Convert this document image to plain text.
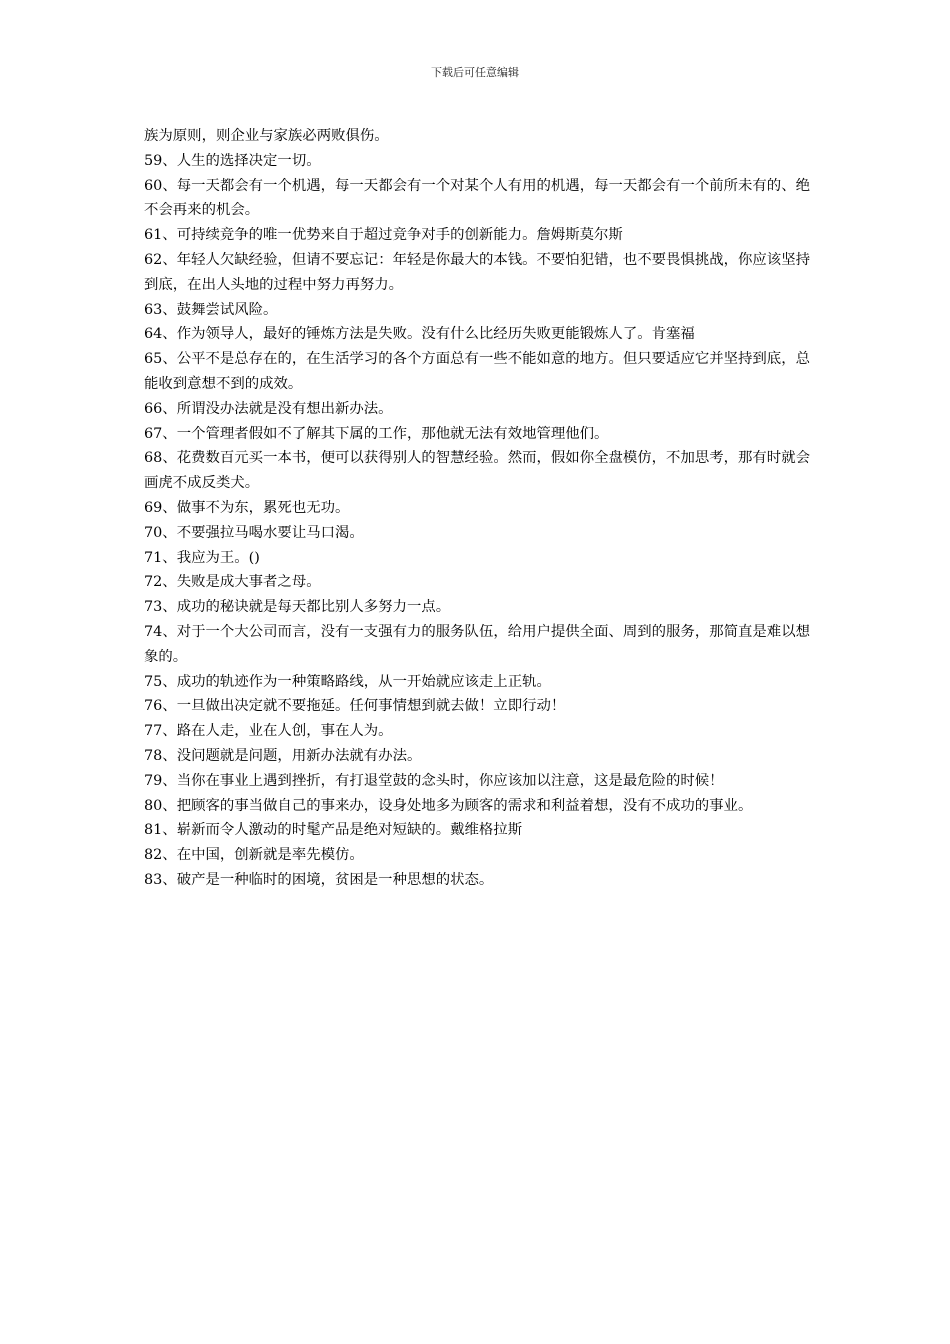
下载后可任意编辑

族为原则，则企业与家族必两败俱伤。

59、人生的选择决定一切。

60、每一天都会有一个机遇，每一天都会有一个对某个人有用的机遇，每一天都会有一个前所未有的、绝不会再来的机会。

61、可持续竞争的唯一优势来自于超过竞争对手的创新能力。詹姆斯莫尔斯

62、年轻人欠缺经验，但请不要忘记：年轻是你最大的本钱。不要怕犯错，也不要畏惧挑战，你应该坚持到底，在出人头地的过程中努力再努力。

63、鼓舞尝试风险。

64、作为领导人，最好的锤炼方法是失败。没有什么比经历失败更能锻炼人了。肯塞福

65、公平不是总存在的，在生活学习的各个方面总有一些不能如意的地方。但只要适应它并坚持到底，总能收到意想不到的成效。

66、所谓没办法就是没有想出新办法。

67、一个管理者假如不了解其下属的工作，那他就无法有效地管理他们。

68、花费数百元买一本书，便可以获得别人的智慧经验。然而，假如你全盘模仿，不加思考，那有时就会画虎不成反类犬。

69、做事不为东，累死也无功。

70、不要强拉马喝水要让马口渴。

71、我应为王。()

72、失败是成大事者之母。

73、成功的秘诀就是每天都比别人多努力一点。

74、对于一个大公司而言，没有一支强有力的服务队伍，给用户提供全面、周到的服务，那简直是难以想象的。

75、成功的轨迹作为一种策略路线，从一开始就应该走上正轨。

76、一旦做出决定就不要拖延。任何事情想到就去做！立即行动！

77、路在人走，业在人创，事在人为。

78、没问题就是问题，用新办法就有办法。

79、当你在事业上遇到挫折，有打退堂鼓的念头时，你应该加以注意，这是最危险的时候！

80、把顾客的事当做自己的事来办，设身处地多为顾客的需求和利益着想，没有不成功的事业。

81、崭新而令人激动的时髦产品是绝对短缺的。戴维格拉斯

82、在中国，创新就是率先模仿。

83、破产是一种临时的困境，贫困是一种思想的状态。
